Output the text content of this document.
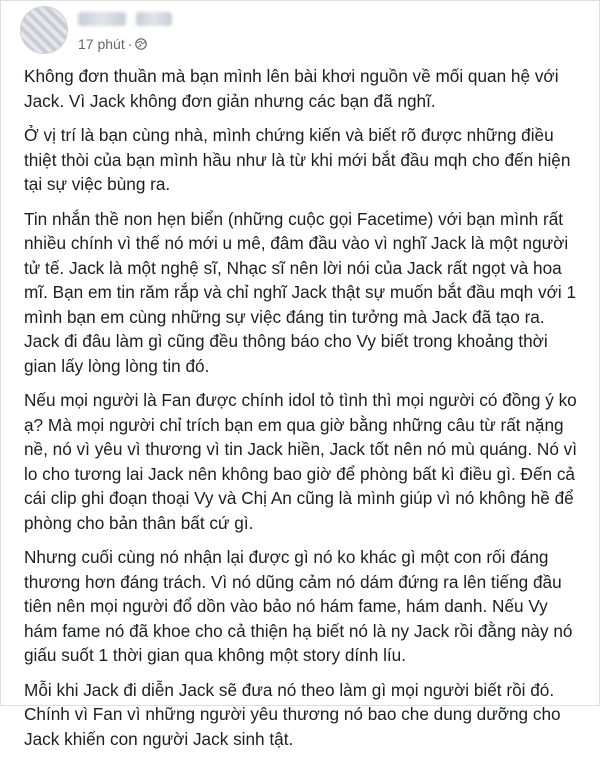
17 phút ·

Không đơn thuần mà bạn mình lên bài khơi nguồn về mối quan hệ với Jack. Vì Jack không đơn giản nhưng các bạn đã nghĩ.

Ở vị trí là bạn cùng nhà, mình chứng kiến và biết rõ được những điều thiệt thòi của bạn mình hầu như là từ khi mới bắt đầu mqh cho đến hiện tại sự việc bùng ra.

Tin nhắn thề non hẹn biển (những cuộc gọi Facetime) với bạn mình rất nhiều chính vì thế nó mới u mê, đâm đầu vào vì nghĩ Jack là một người tử tế. Jack là một nghệ sĩ, Nhạc sĩ nên lời nói của Jack rất ngọt và hoa mĩ. Bạn em tin răm rắp và chỉ nghĩ Jack thật sự muốn bắt đầu mqh với 1 mình bạn em cùng những sự việc đáng tin tưởng mà Jack đã tạo ra. Jack đi đâu làm gì cũng đều thông báo cho Vy biết trong khoảng thời gian lấy lòng lòng tin đó.

Nếu mọi người là Fan được chính idol tỏ tình thì mọi người có đồng ý ko ạ? Mà mọi người chỉ trích bạn em qua giờ bằng những câu từ rất nặng nề, nó vì yêu vì thương vì tin Jack hiền, Jack tốt nên nó mù quáng. Nó vì lo cho tương lai Jack nên không bao giờ để phòng bất kì điều gì. Đến cả cái clip ghi đoạn thoại Vy và Chị An cũng là mình giúp vì nó không hề để phòng cho bản thân bất cứ gì.

Nhưng cuối cùng nó nhận lại được gì nó ko khác gì một con rối đáng thương hơn đáng trách. Vì nó dũng cảm nó dám đứng ra lên tiếng đầu tiên nên mọi người đổ dồn vào bảo nó hám fame, hám danh. Nếu Vy hám fame nó đã khoe cho cả thiện hạ biết nó là ny Jack rồi đằng này nó giấu suốt 1 thời gian qua không một story dính líu.

Mỗi khi Jack đi diễn Jack sẽ đưa nó theo làm gì mọi người biết rồi đó. Chính vì Fan vì những người yêu thương nó bao che dung dưỡng cho Jack khiến con người Jack sinh tật.
